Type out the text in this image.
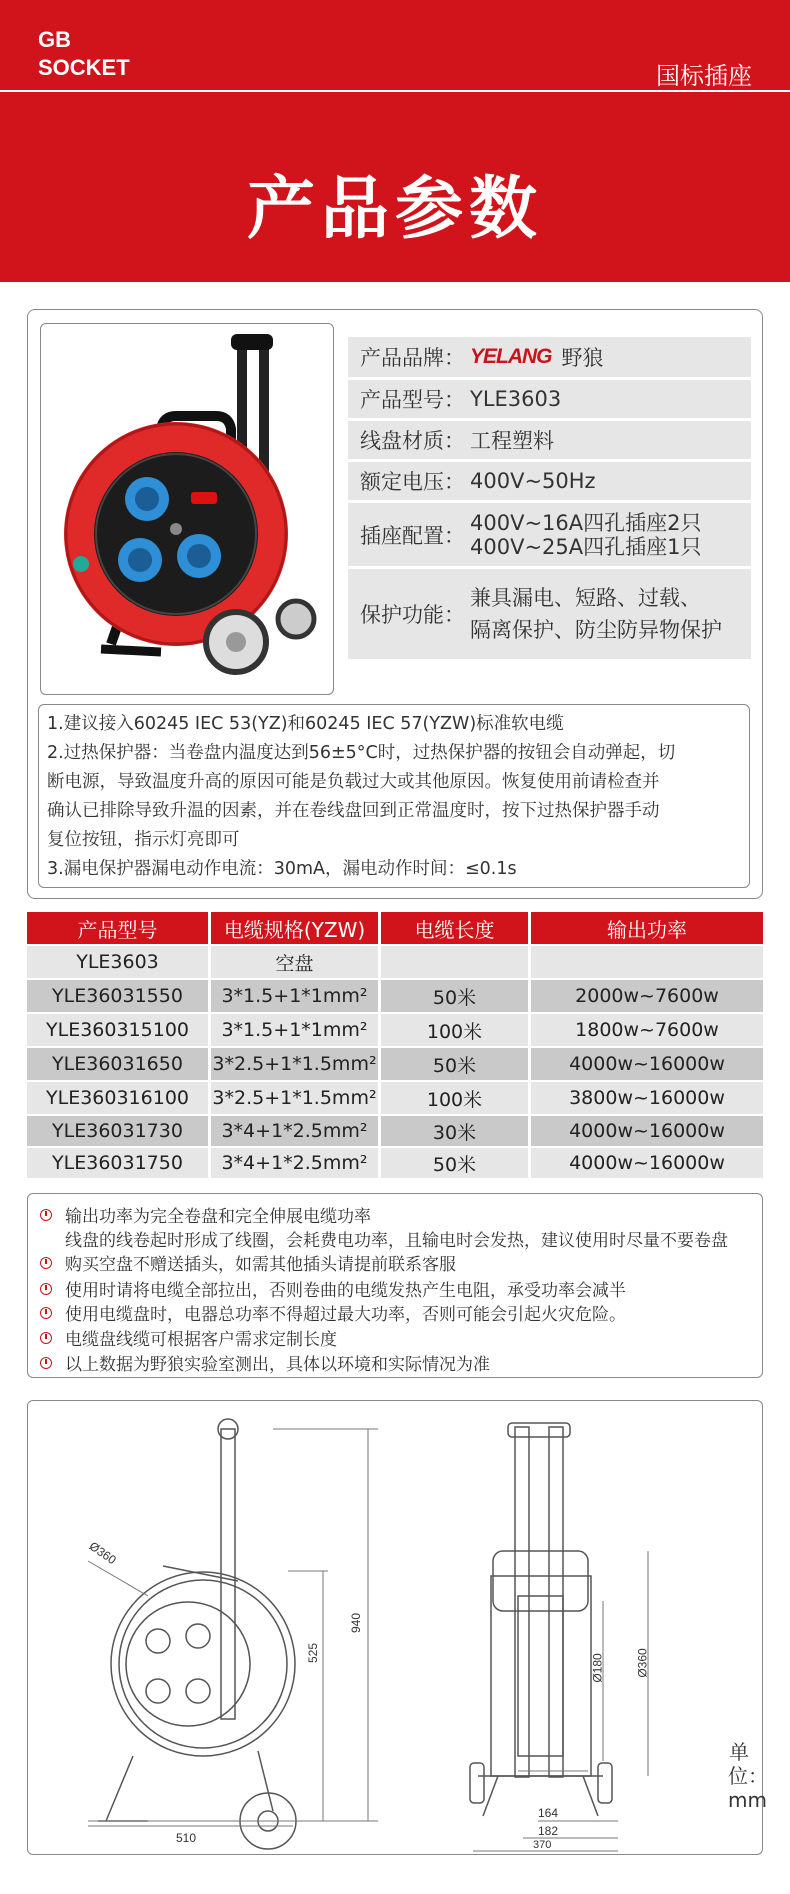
GB
SOCKET	国标插座
产品参数
产品品牌： YELANG 野狼
产品型号： YLE3603
线盘材质： 工程塑料
额定电压： 400V~50Hz
插座配置：
400V~16A四孔插座2只
400V~25A四孔插座1只
保护功能：
兼具漏电、短路、过载、
隔离保护、防尘防异物保护
1.建议接入60245 IEC 53(YZ)和60245 IEC 57(YZW)标准软电缆
2.过热保护器：当卷盘内温度达到56±5°C时，过热保护器的按钮会自动弹起，切
断电源，导致温度升高的原因可能是负载过大或其他原因。恢复使用前请检查并
确认已排除导致升温的因素，并在卷线盘回到正常温度时，按下过热保护器手动
复位按钮，指示灯亮即可
3.漏电保护器漏电动作电流：30mA，漏电动作时间：≤0.1s
产品型号	电缆规格(YZW)	电缆长度	输出功率
YLE3603	空盘
YLE36031550	3*1.5+1*1mm²	50米	2000w~7600w
YLE360315100	3*1.5+1*1mm²	100米	1800w~7600w
YLE36031650	3*2.5+1*1.5mm²	50米	4000w~16000w
YLE360316100	3*2.5+1*1.5mm²	100米	3800w~16000w
YLE36031730	3*4+1*2.5mm²	30米	4000w~16000w
YLE36031750	3*4+1*2.5mm²	50米	4000w~16000w
输出功率为完全卷盘和完全伸展电缆功率
线盘的线卷起时形成了线圈，会耗费电功率，且输电时会发热，建议使用时尽量不要卷盘
购买空盘不赠送插头，如需其他插头请提前联系客服
使用时请将电缆全部拉出，否则卷曲的电缆发热产生电阻，承受功率会减半
使用电缆盘时，电器总功率不得超过最大功率，否则可能会引起火灾危险。
电缆盘线缆可根据客户需求定制长度
以上数据为野狼实验室测出，具体以环境和实际情况为准
Ø360
940
525
510
Ø180	Ø360
164
182
370
单位：mm
